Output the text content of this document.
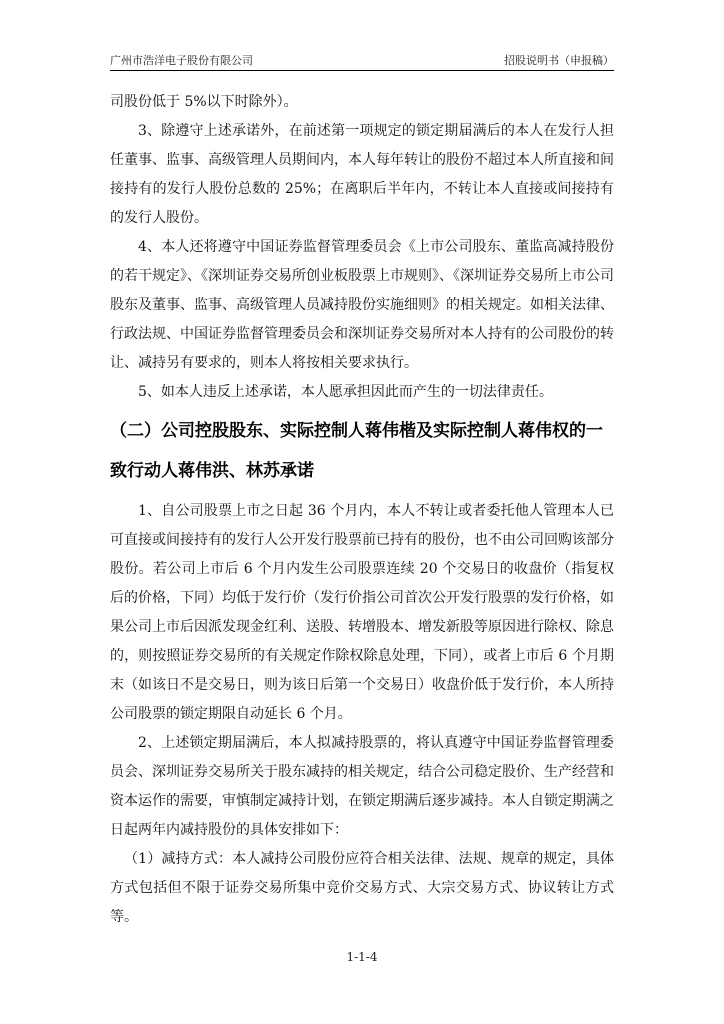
广州市浩洋电子股份有限公司	招股说明书（申报稿）

司股份低于 5%以下时除外）。

3、除遵守上述承诺外，在前述第一项规定的锁定期届满后的本人在发行人担任董事、监事、高级管理人员期间内，本人每年转让的股份不超过本人所直接和间接持有的发行人股份总数的 25%；在离职后半年内，不转让本人直接或间接持有的发行人股份。

4、本人还将遵守中国证券监督管理委员会《上市公司股东、董监高减持股份的若干规定》、《深圳证券交易所创业板股票上市规则》、《深圳证券交易所上市公司股东及董事、监事、高级管理人员减持股份实施细则》的相关规定。如相关法律、行政法规、中国证券监督管理委员会和深圳证券交易所对本人持有的公司股份的转让、减持另有要求的，则本人将按相关要求执行。

5、如本人违反上述承诺，本人愿承担因此而产生的一切法律责任。

（二）公司控股股东、实际控制人蒋伟楷及实际控制人蒋伟权的一致行动人蒋伟洪、林苏承诺

1、自公司股票上市之日起 36 个月内，本人不转让或者委托他人管理本人已可直接或间接持有的发行人公开发行股票前已持有的股份，也不由公司回购该部分股份。若公司上市后 6 个月内发生公司股票连续 20 个交易日的收盘价（指复权后的价格，下同）均低于发行价（发行价指公司首次公开发行股票的发行价格，如果公司上市后因派发现金红利、送股、转增股本、增发新股等原因进行除权、除息的，则按照证券交易所的有关规定作除权除息处理，下同），或者上市后 6 个月期末（如该日不是交易日，则为该日后第一个交易日）收盘价低于发行价，本人所持公司股票的锁定期限自动延长 6 个月。

2、上述锁定期届满后，本人拟减持股票的，将认真遵守中国证券监督管理委员会、深圳证券交易所关于股东减持的相关规定，结合公司稳定股价、生产经营和资本运作的需要，审慎制定减持计划，在锁定期满后逐步减持。本人自锁定期满之日起两年内减持股份的具体安排如下：

（1）减持方式：本人减持公司股份应符合相关法律、法规、规章的规定，具体方式包括但不限于证券交易所集中竞价交易方式、大宗交易方式、协议转让方式等。

1-1-4
